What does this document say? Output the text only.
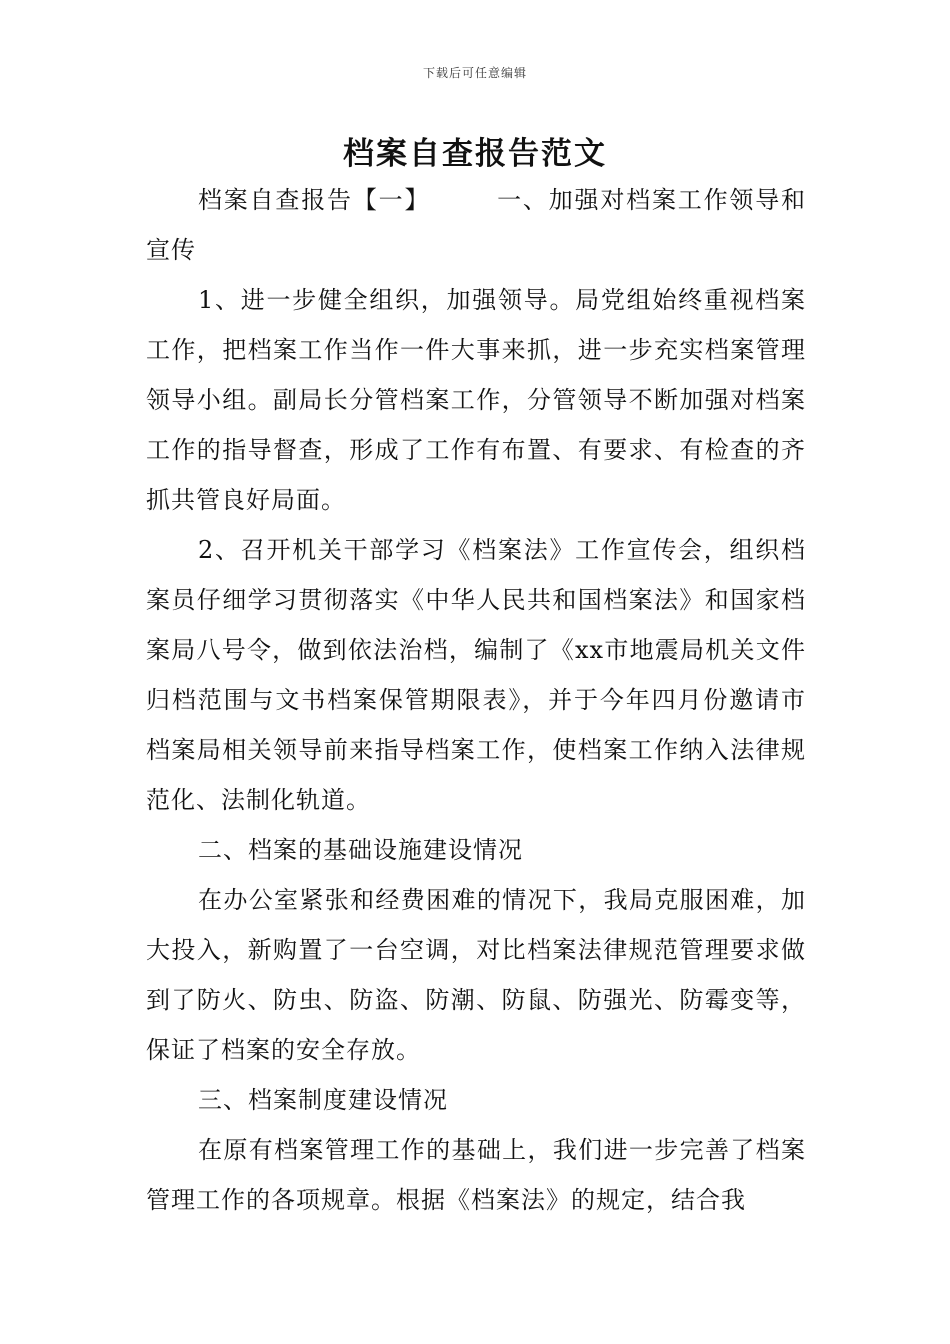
下载后可任意编辑
档案自查报告范文

档案自查报告【一】	一、加强对档案工作领导和宣传

1、进一步健全组织，加强领导。局党组始终重视档案工作，把档案工作当作一件大事来抓，进一步充实档案管理领导小组。副局长分管档案工作，分管领导不断加强对档案工作的指导督查，形成了工作有布置、有要求、有检查的齐抓共管良好局面。

2、召开机关干部学习《档案法》工作宣传会，组织档案员仔细学习贯彻落实《中华人民共和国档案法》和国家档案局八号令，做到依法治档，编制了《xx市地震局机关文件归档范围与文书档案保管期限表》，并于今年四月份邀请市档案局相关领导前来指导档案工作，使档案工作纳入法律规范化、法制化轨道。

二、档案的基础设施建设情况

在办公室紧张和经费困难的情况下，我局克服困难，加大投入，新购置了一台空调，对比档案法律规范管理要求做到了防火、防虫、防盗、防潮、防鼠、防强光、防霉变等，保证了档案的安全存放。

三、档案制度建设情况

在原有档案管理工作的基础上，我们进一步完善了档案管理工作的各项规章。根据《档案法》的规定，结合我
